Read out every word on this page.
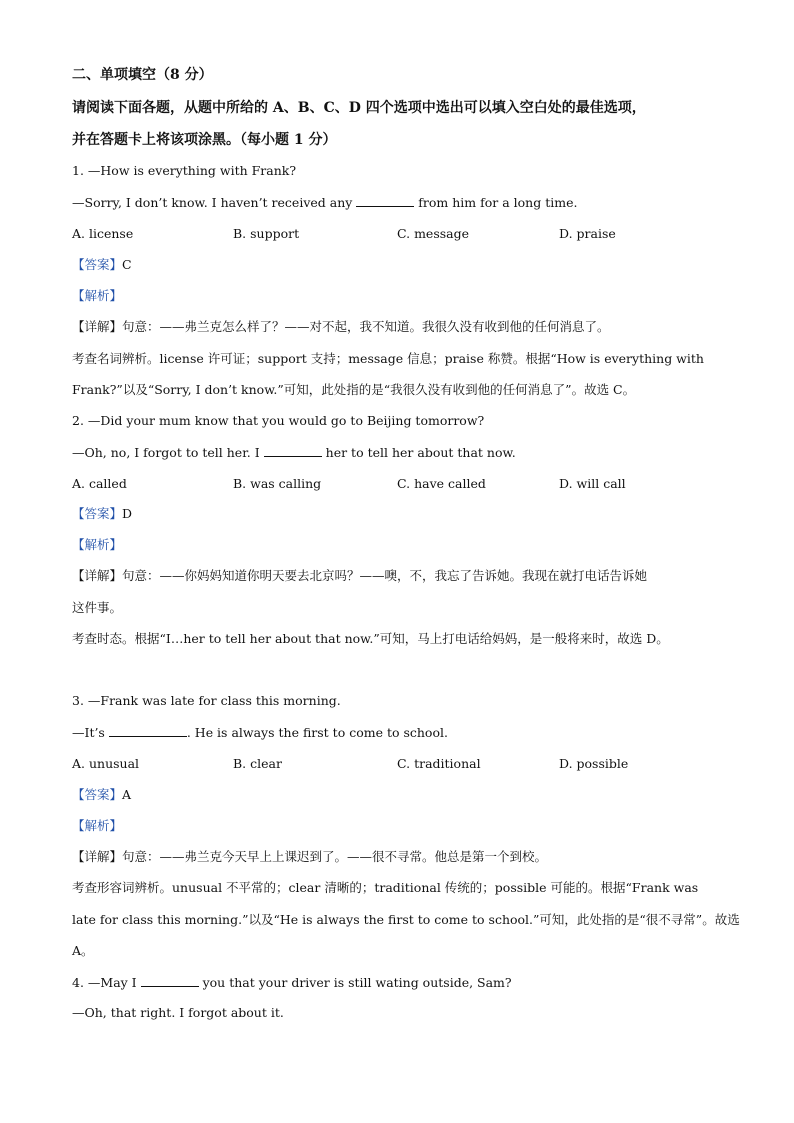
二、单项填空（8 分）
请阅读下面各题，从题中所给的 A、B、C、D 四个选项中选出可以填入空白处的最佳选项，
并在答题卡上将该项涂黑。（每小题 1 分）
1. —How is everything with Frank?
—Sorry, I don’t know. I haven’t received any	from him for a long time.
A. license	B. support	C. message	D. praise
【答案】C
【解析】
【详解】句意：——弗兰克怎么样了？——对不起，我不知道。我很久没有收到他的任何消息了。
考查名词辨析。license 许可证；support 支持；message 信息；praise 称赞。根据“How is everything with
Frank?”以及“Sorry, I don’t know.”可知，此处指的是“我很久没有收到他的任何消息了”。故选 C。
2. —Did your mum know that you would go to Beijing tomorrow?
—Oh, no, I forgot to tell her. I	her to tell her about that now.
A. called	B. was calling	C. have called	D. will call
【答案】D
【解析】
【详解】句意：——你妈妈知道你明天要去北京吗？——噢，不，我忘了告诉她。我现在就打电话告诉她
这件事。
考查时态。根据“I…her to tell her about that now.”可知，马上打电话给妈妈，是一般将来时，故选 D。
3. —Frank was late for class this morning.
—It’s	. He is always the first to come to school.
A. unusual	B. clear	C. traditional	D. possible
【答案】A
【解析】
【详解】句意：——弗兰克今天早上上课迟到了。——很不寻常。他总是第一个到校。
考查形容词辨析。unusual 不平常的；clear 清晰的；traditional 传统的；possible 可能的。根据“Frank was
late for class this morning.”以及“He is always the first to come to school.”可知，此处指的是“很不寻常”。故选
A。
4. —May I	you that your driver is still wating outside, Sam?
—Oh, that right. I forgot about it.
